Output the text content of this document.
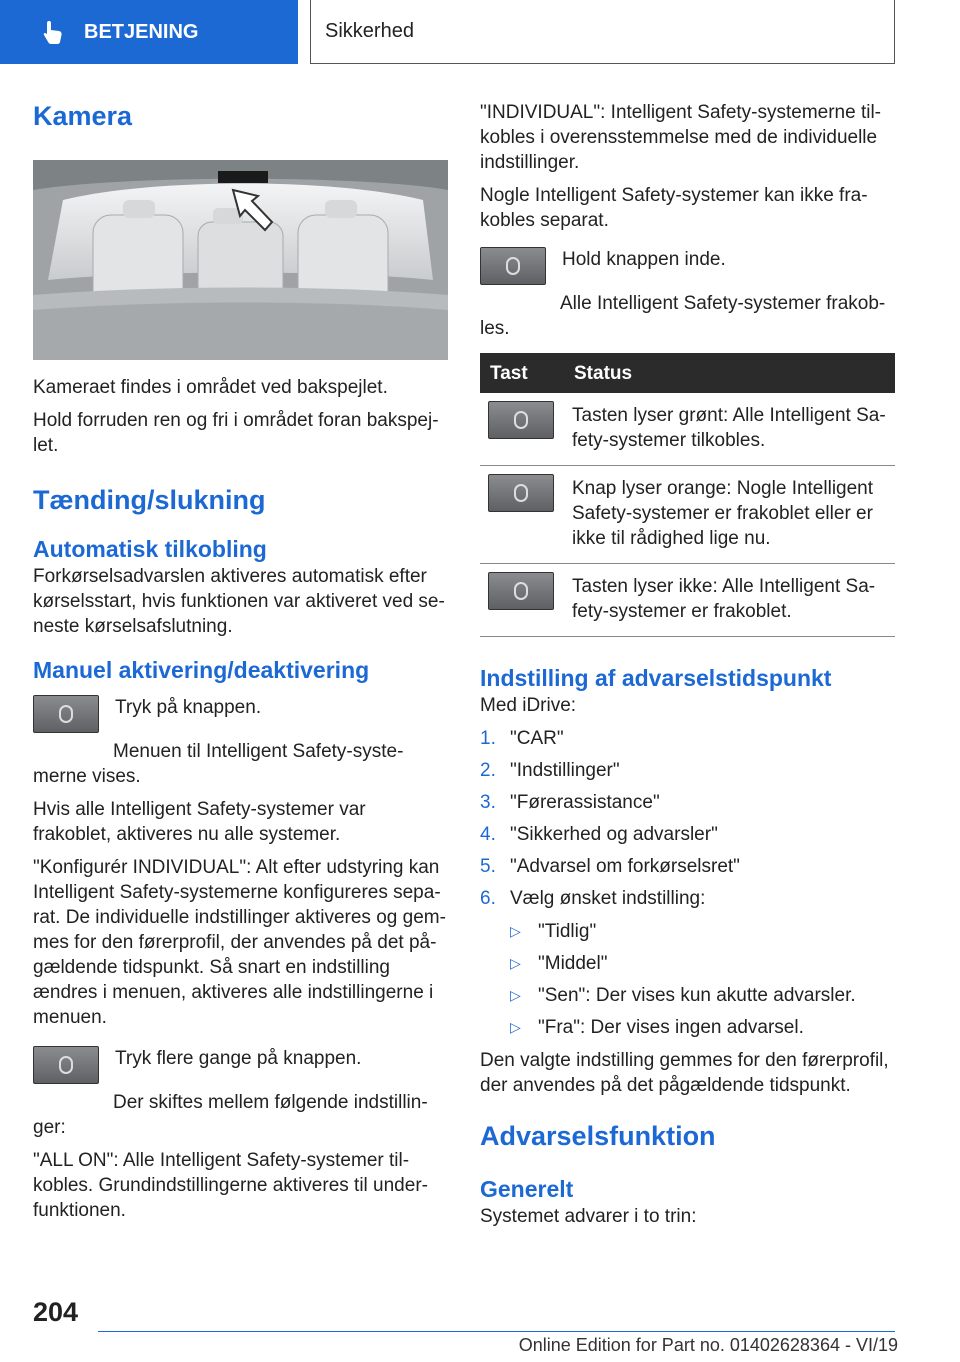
BETJENING	Sikkerhed
Kamera

Kameraet findes i området ved bakspejlet.

Hold forruden ren og fri i området foran bakspej-let.

Tænding/slukning
Automatisk tilkobling

Forkørselsadvarslen aktiveres automatisk efter kørselsstart, hvis funktionen var aktiveret ved se-neste kørselsafslutning.

Manuel aktivering/deaktivering

Tryk på knappen.

Menuen til Intelligent Safety-syste-merne vises.

Hvis alle Intelligent Safety-systemer var frakoblet, aktiveres nu alle systemer.

"Konfigurér INDIVIDUAL": Alt efter udstyring kan Intelligent Safety-systemerne konfigureres sepa-rat. De individuelle indstillinger aktiveres og gem-mes for den førerprofil, der anvendes på det på-gældende tidspunkt. Så snart en indstilling ændres i menuen, aktiveres alle indstillingerne i menuen.

Tryk flere gange på knappen.

Der skiftes mellem følgende indstillin-ger:

"ALL ON": Alle Intelligent Safety-systemer til-kobles. Grundindstillingerne aktiveres til under-funktionen.

"INDIVIDUAL": Intelligent Safety-systemerne til-kobles i overensstemmelse med de individuelle indstillinger.

Nogle Intelligent Safety-systemer kan ikke fra-kobles separat.

Hold knappen inde.

Alle Intelligent Safety-systemer frakob-les.

Tast	Status

	Tasten lyser grønt: Alle Intelligent Sa-fety-systemer tilkobles.

	Knap lyser orange: Nogle Intelligent Safety-systemer er frakoblet eller er ikke til rådighed lige nu.

	Tasten lyser ikke: Alle Intelligent Sa-fety-systemer er frakoblet.
Indstilling af advarselstidspunkt

Med iDrive:

1. "CAR"
2. "Indstillinger"
3. "Førerassistance"
4. "Sikkerhed og advarsler"
5. "Advarsel om forkørselsret"
6. Vælg ønsket indstilling:
▷ "Tidlig"
▷ "Middel"
▷ "Sen": Der vises kun akutte advarsler.
▷ "Fra": Der vises ingen advarsel.

Den valgte indstilling gemmes for den førerprofil, der anvendes på det pågældende tidspunkt.

Advarselsfunktion
Generelt

Systemet advarer i to trin:

204
Online Edition for Part no. 01402628364 - VI/19
